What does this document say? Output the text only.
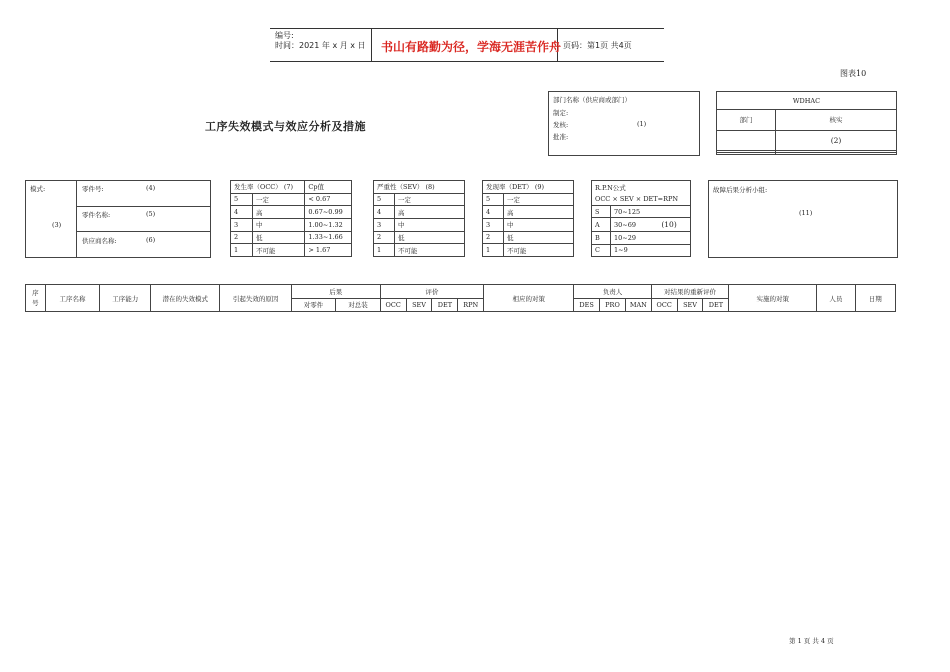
编号:
时间：2021 年 x 月 x 日 书山有路勤为径，学海无涯苦作舟 页码：第1页 共4页
图表10
工序失效模式与效应分析及措施
部门名称（供应商或部门）
制定:
发核:	(1)
批准:
WDHAC	
部门	核实
	(2)

模式:
(3)
零件号:	(4)
零件名称:	(5)
供应商名称:	(6)
发生率（OCC） (7)		Cp值
5	一定	< 0.67
4	高	0.67~0.99
3	中	1.00~1.32
2	低	1.33~1.66
1	不可能	> 1.67
严重性（SEV） (8)	
5	一定
4	高
3	中
2	低
1	不可能
发现率（DET） (9)	
5	一定
4	高
3	中
2	低
1	不可能
R.P.N公式		
OCC × SEV × DET=RPN		
S	70~125	
A	30~69	(10)
B	10~29	
C	1~9	
故障后果分析小组:
(11)
序号	工序名称	工序能力	潜在的失效模式	引起失效的原因	后果		评价				相应的对策	负责人			对结果的重新评价			实施的对策	人员	日期
					对零件	对总装	OCC	SEV	DET	RPN		DES	PRO	MAN	OCC	SEV	DET			
第 1 页 共 4 页
